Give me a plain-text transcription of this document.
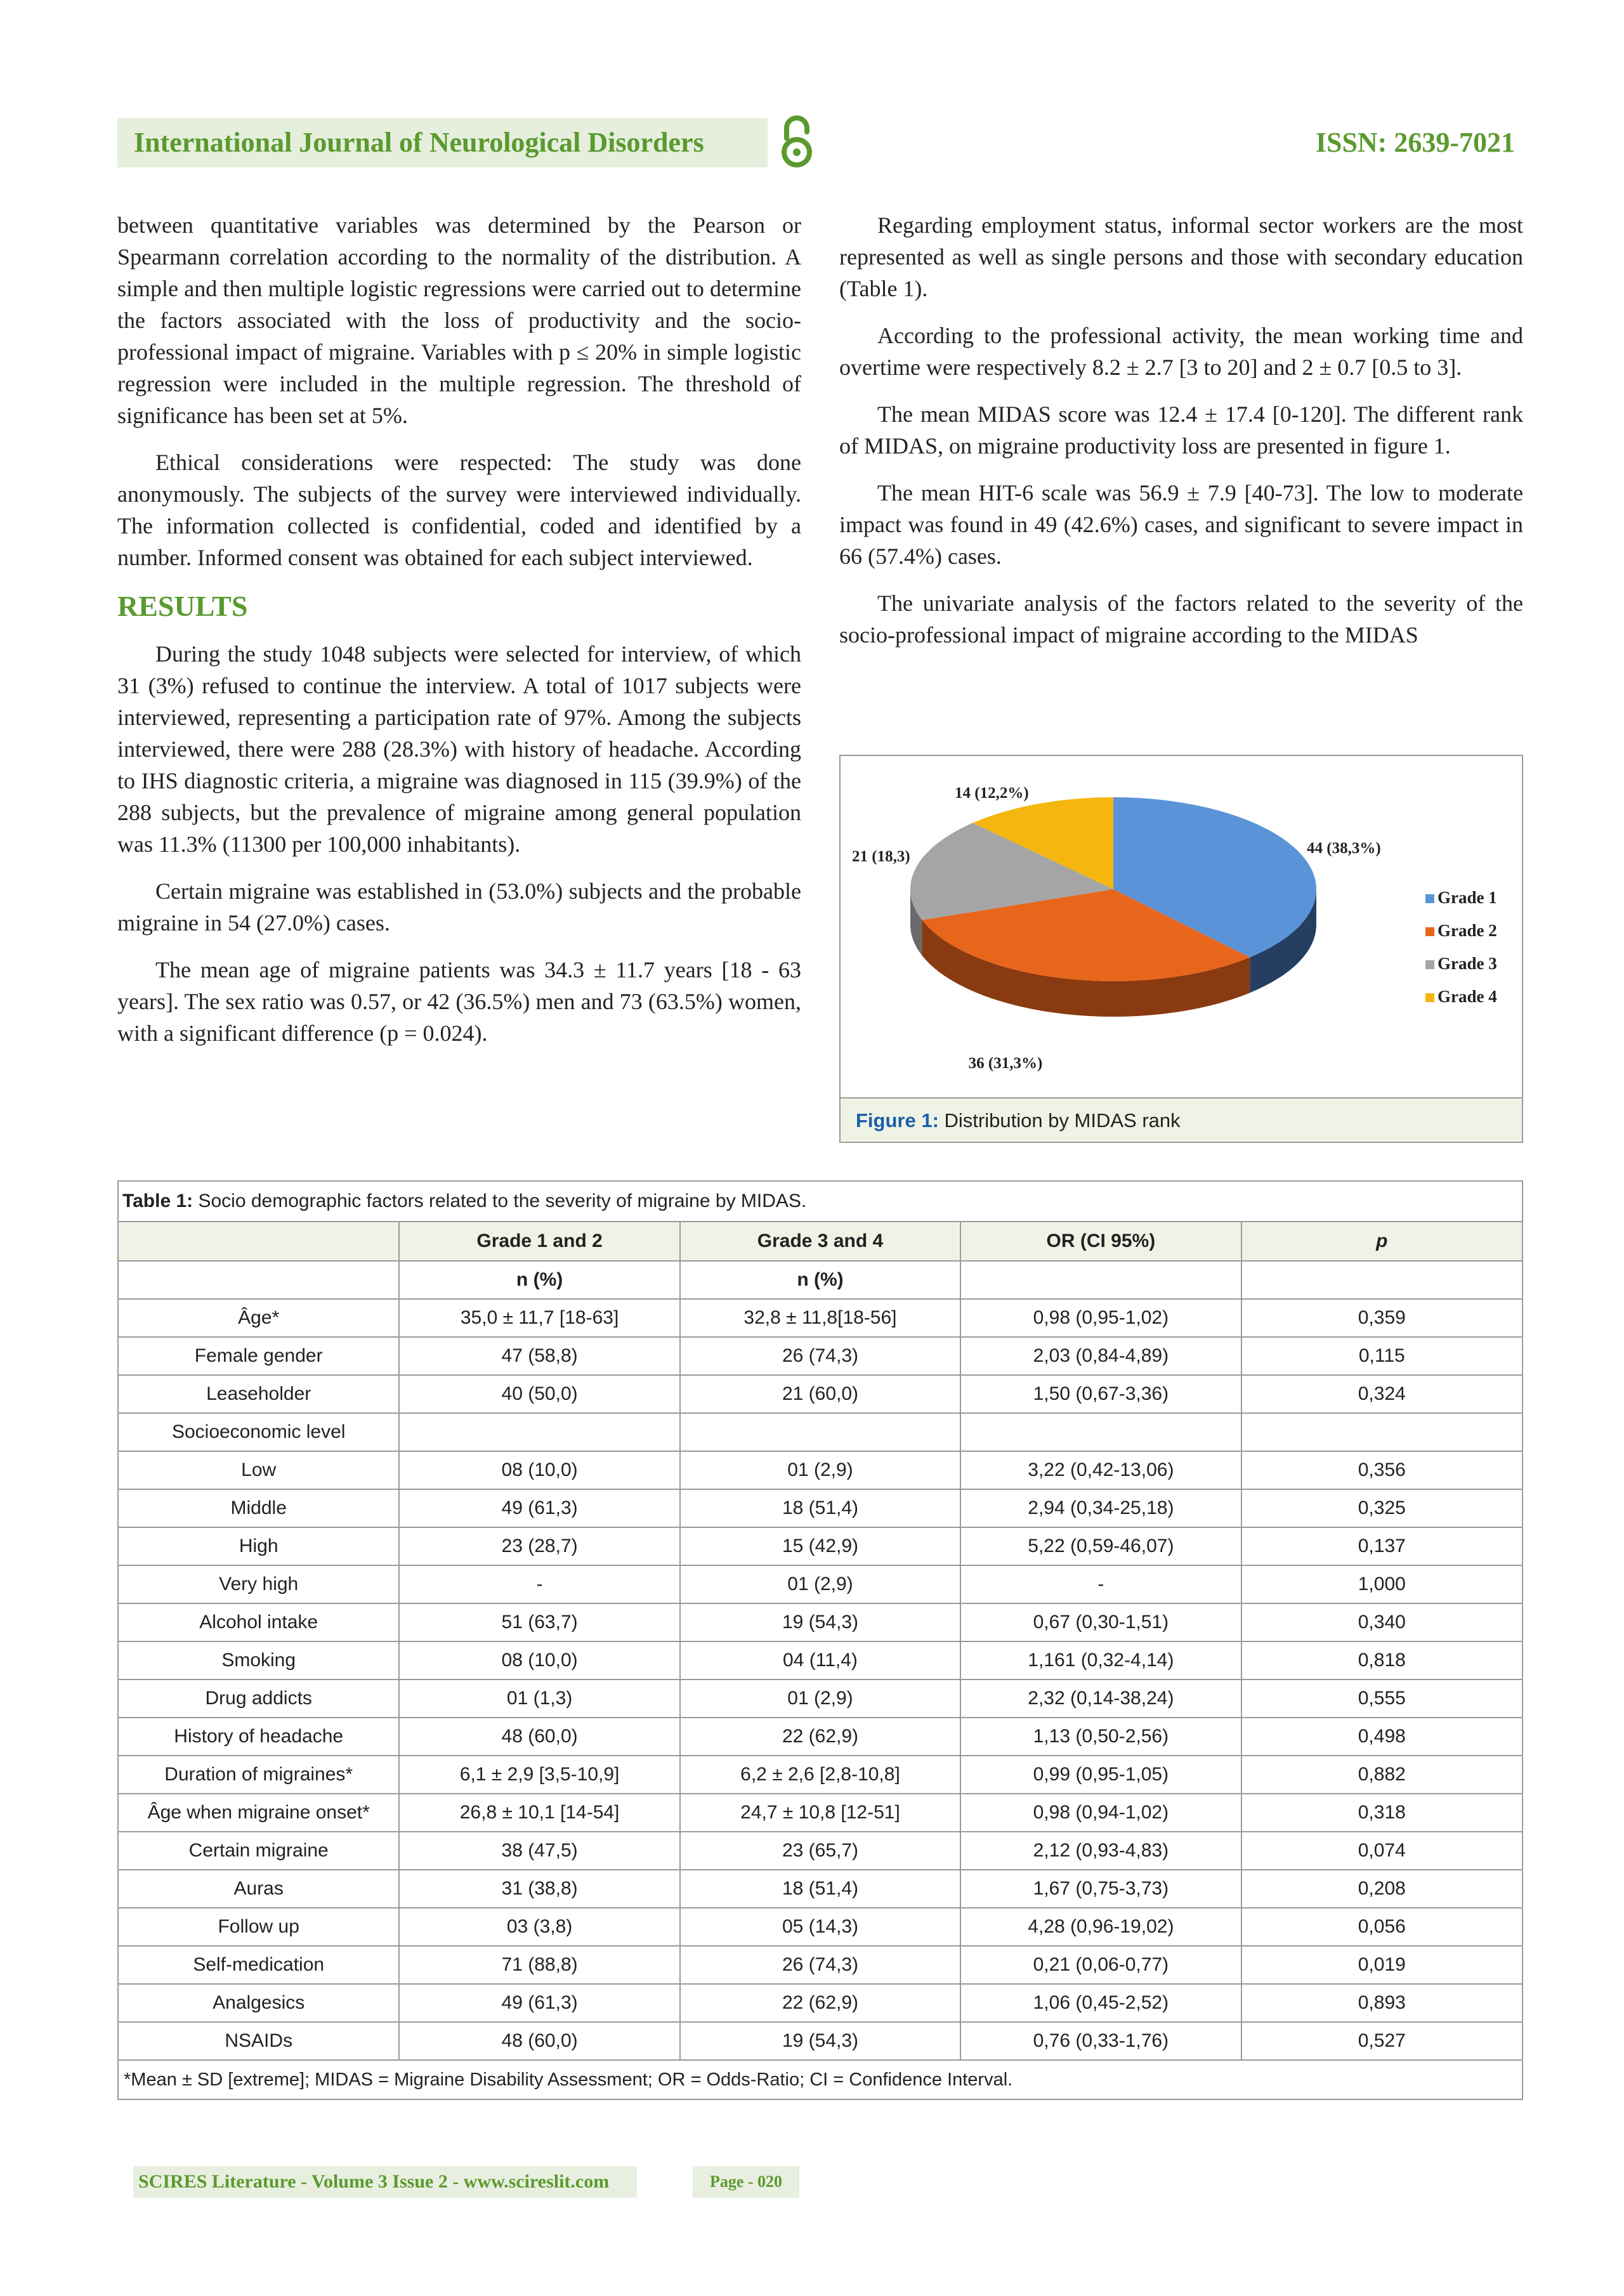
International Journal of Neurological Disorders	ISSN: 2639-7021

between quantitative variables was determined by the Pearson or Spearmann correlation according to the normality of the distribution. A simple and then multiple logistic regressions were carried out to determine the factors associated with the loss of productivity and the socio-professional impact of migraine. Variables with p ≤ 20% in simple logistic regression were included in the multiple regression. The threshold of significance has been set at 5%.

Ethical considerations were respected: The study was done anonymously. The subjects of the survey were interviewed individually. The information collected is confidential, coded and identified by a number. Informed consent was obtained for each subject interviewed.

RESULTS

During the study 1048 subjects were selected for interview, of which 31 (3%) refused to continue the interview. A total of 1017 subjects were interviewed, representing a participation rate of 97%. Among the subjects interviewed, there were 288 (28.3%) with history of headache. According to IHS diagnostic criteria, a migraine was diagnosed in 115 (39.9%) of the 288 subjects, but the prevalence of migraine among general population was 11.3% (11300 per 100,000 inhabitants).

Certain migraine was established in (53.0%) subjects and the probable migraine in 54 (27.0%) cases.

The mean age of migraine patients was 34.3 ± 11.7 years [18 - 63 years]. The sex ratio was 0.57, or 42 (36.5%) men and 73 (63.5%) women, with a significant difference (p = 0.024).

Regarding employment status, informal sector workers are the most represented as well as single persons and those with secondary education (Table 1).

According to the professional activity, the mean working time and overtime were respectively 8.2 ± 2.7 [3 to 20] and 2 ± 0.7 [0.5 to 3].

The mean MIDAS score was 12.4 ± 17.4 [0-120]. The different rank of MIDAS, on migraine productivity loss are presented in figure 1.

The mean HIT-6 scale was 56.9 ± 7.9 [40-73]. The low to moderate impact was found in 49 (42.6%) cases, and significant to severe impact in 66 (57.4%) cases.

The univariate analysis of the factors related to the severity of the socio-professional impact of migraine according to the MIDAS

44 (38,3%)
36 (31,3%)
21 (18,3)
14 (12,2%)
Grade 1
Grade 2
Grade 3
Grade 4
Figure 1: Distribution by MIDAS rank
Table 1: Socio demographic factors related to the severity of migraine by MIDAS.
	Grade 1 and 2	Grade 3 and 4	OR (CI 95%)	p
	n (%)	n (%)		
Âge*	35,0 ± 11,7 [18-63]	32,8 ± 11,8[18-56]	0,98 (0,95-1,02)	0,359
Female gender	47 (58,8)	26 (74,3)	2,03 (0,84-4,89)	0,115
Leaseholder	40 (50,0)	21 (60,0)	1,50 (0,67-3,36)	0,324
Socioeconomic level				
Low	08 (10,0)	01 (2,9)	3,22 (0,42-13,06)	0,356
Middle	49 (61,3)	18 (51,4)	2,94 (0,34-25,18)	0,325
High	23 (28,7)	15 (42,9)	5,22 (0,59-46,07)	0,137
Very high	-	01 (2,9)	-	1,000
Alcohol intake	51 (63,7)	19 (54,3)	0,67 (0,30-1,51)	0,340
Smoking	08 (10,0)	04 (11,4)	1,161 (0,32-4,14)	0,818
Drug addicts	01 (1,3)	01 (2,9)	2,32 (0,14-38,24)	0,555
History of headache	48 (60,0)	22 (62,9)	1,13 (0,50-2,56)	0,498
Duration of migraines*	6,1 ± 2,9 [3,5-10,9]	6,2 ± 2,6 [2,8-10,8]	0,99 (0,95-1,05)	0,882
Âge when migraine onset*	26,8 ± 10,1 [14-54]	24,7 ± 10,8 [12-51]	0,98 (0,94-1,02)	0,318
Certain migraine	38 (47,5)	23 (65,7)	2,12 (0,93-4,83)	0,074
Auras	31 (38,8)	18 (51,4)	1,67 (0,75-3,73)	0,208
Follow up	03 (3,8)	05 (14,3)	4,28 (0,96-19,02)	0,056
Self-medication	71 (88,8)	26 (74,3)	0,21 (0,06-0,77)	0,019
Analgesics	49 (61,3)	22 (62,9)	1,06 (0,45-2,52)	0,893
NSAIDs	48 (60,0)	19 (54,3)	0,76 (0,33-1,76)	0,527
*Mean ± SD [extreme]; MIDAS = Migraine Disability Assessment; OR = Odds-Ratio; CI = Confidence Interval.
SCIRES Literature - Volume 3 Issue 2 - www.scireslit.com	Page - 020
